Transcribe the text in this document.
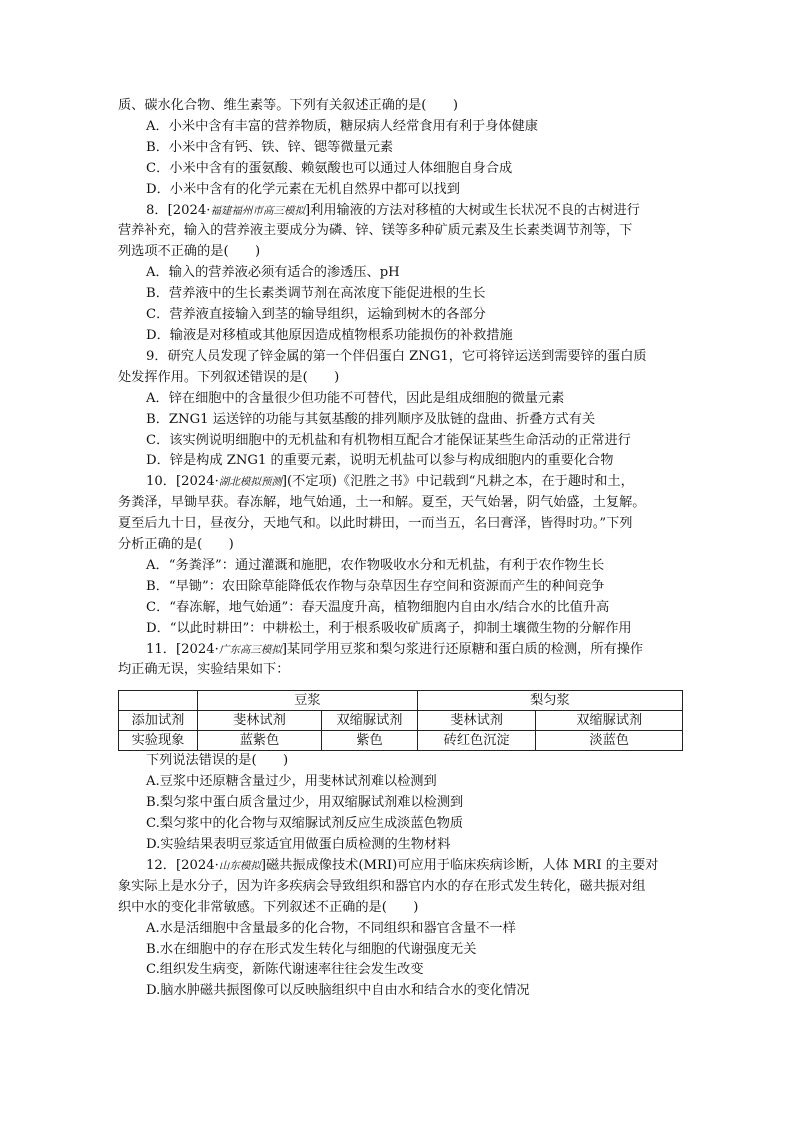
质、碳水化合物、维生素等。下列有关叙述正确的是(　　)
A．小米中含有丰富的营养物质，糖尿病人经常食用有利于身体健康
B．小米中含有钙、铁、锌、锶等微量元素
C．小米中含有的蛋氨酸、赖氨酸也可以通过人体细胞自身合成
D．小米中含有的化学元素在无机自然界中都可以找到
8．[2024·福建福州市高三模拟]利用输液的方法对移植的大树或生长状况不良的古树进行
营养补充，输入的营养液主要成分为磷、锌、镁等多种矿质元素及生长素类调节剂等，下
列选项不正确的是(　　)
A．输入的营养液必须有适合的渗透压、pH
B．营养液中的生长素类调节剂在高浓度下能促进根的生长
C．营养液直接输入到茎的输导组织，运输到树木的各部分
D．输液是对移植或其他原因造成植物根系功能损伤的补救措施
9．研究人员发现了锌金属的第一个伴侣蛋白 ZNG1，它可将锌运送到需要锌的蛋白质
处发挥作用。下列叙述错误的是(　　)
A．锌在细胞中的含量很少但功能不可替代，因此是组成细胞的微量元素
B．ZNG1 运送锌的功能与其氨基酸的排列顺序及肽链的盘曲、折叠方式有关
C．该实例说明细胞中的无机盐和有机物相互配合才能保证某些生命活动的正常进行
D．锌是构成 ZNG1 的重要元素，说明无机盐可以参与构成细胞内的重要化合物
10．[2024·湖北模拟预测](不定项)《氾胜之书》中记载到“凡耕之本，在于趣时和土，
务粪泽，早锄早获。春冻解，地气始通，土一和解。夏至，天气始暑，阴气始盛，土复解。
夏至后九十日，昼夜分，天地气和。以此时耕田，一而当五，名曰膏泽，皆得时功。”下列
分析正确的是(　　)
A．“务粪泽”：通过灌溉和施肥，农作物吸收水分和无机盐，有利于农作物生长
B．“早锄”：农田除草能降低农作物与杂草因生存空间和资源而产生的种间竞争
C．“春冻解，地气始通”：春天温度升高，植物细胞内自由水/结合水的比值升高
D．“以此时耕田”：中耕松土，利于根系吸收矿质离子，抑制土壤微生物的分解作用
11．[2024·广东高三模拟]某同学用豆浆和梨匀浆进行还原糖和蛋白质的检测，所有操作
均正确无误，实验结果如下：
	豆浆		梨匀浆	
添加试剂	斐林试剂	双缩脲试剂	斐林试剂	双缩脲试剂
实验现象	蓝紫色	紫色	砖红色沉淀	淡蓝色
下列说法错误的是(　　)
A.豆浆中还原糖含量过少，用斐林试剂难以检测到
B.梨匀浆中蛋白质含量过少，用双缩脲试剂难以检测到
C.梨匀浆中的化合物与双缩脲试剂反应生成淡蓝色物质
D.实验结果表明豆浆适宜用做蛋白质检测的生物材料
12．[2024·山东模拟]磁共振成像技术(MRI)可应用于临床疾病诊断，人体 MRI 的主要对
象实际上是水分子，因为许多疾病会导致组织和器官内水的存在形式发生转化，磁共振对组
织中水的变化非常敏感。下列叙述不正确的是(　　)
A.水是活细胞中含量最多的化合物，不同组织和器官含量不一样
B.水在细胞中的存在形式发生转化与细胞的代谢强度无关
C.组织发生病变，新陈代谢速率往往会发生改变
D.脑水肿磁共振图像可以反映脑组织中自由水和结合水的变化情况
